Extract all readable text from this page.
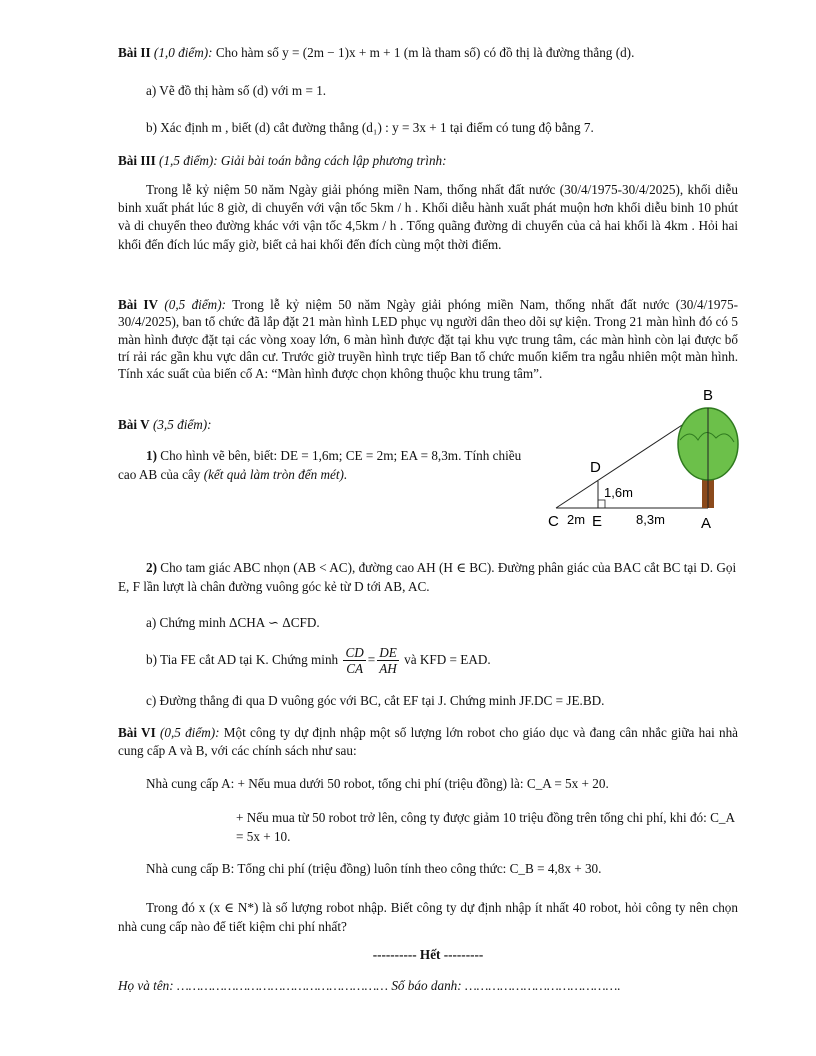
Bài II (1,0 điểm): Cho hàm số y = (2m − 1)x + m + 1 (m là tham số) có đồ thị là đường thẳng (d).
a) Vẽ đồ thị hàm số (d) với m = 1.
b) Xác định m , biết (d) cắt đường thẳng (d₁) : y = 3x + 1 tại điểm có tung độ bằng 7.
Bài III (1,5 điểm): Giải bài toán bằng cách lập phương trình:
Trong lễ kỷ niệm 50 năm Ngày giải phóng miền Nam, thống nhất đất nước (30/4/1975-30/4/2025), khối diễu binh xuất phát lúc 8 giờ, di chuyển với vận tốc 5km / h . Khối diễu hành xuất phát muộn hơn khối diễu binh 10 phút và di chuyển theo đường khác với vận tốc 4,5km / h . Tổng quãng đường di chuyển của cả hai khối là 4km . Hỏi hai khối đến đích lúc mấy giờ, biết cả hai khối đến đích cùng một thời điểm.
Bài IV (0,5 điểm): Trong lễ kỷ niệm 50 năm Ngày giải phóng miền Nam, thống nhất đất nước (30/4/1975-30/4/2025), ban tổ chức đã lắp đặt 21 màn hình LED phục vụ người dân theo dõi sự kiện. Trong 21 màn hình đó có 5 màn hình được đặt tại các vòng xoay lớn, 6 màn hình được đặt tại khu vực trung tâm, các màn hình còn lại được bố trí rải rác gần khu vực dân cư. Trước giờ truyền hình trực tiếp Ban tổ chức muốn kiểm tra ngẫu nhiên một màn hình. Tính xác suất của biến cố A: “Màn hình được chọn không thuộc khu trung tâm”.
Bài V (3,5 điểm):
1) Cho hình vẽ bên, biết: DE = 1,6m; CE = 2m; EA = 8,3m. Tính chiều cao AB của cây (kết quả làm tròn đến mét).
B
D
C E	A
1,6m
2m	8,3m
2) Cho tam giác ABC nhọn (AB < AC), đường cao AH (H ∈ BC). Đường phân giác của BAC cắt BC tại D. Gọi E, F lần lượt là chân đường vuông góc kẻ từ D tới AB, AC.
a) Chứng minh ΔCHA ∽ ΔCFD.
b) Tia FE cắt AD tại K. Chứng minh $\frac{CD}{CA} = \frac{DE}{AH}$ và KFD = EAD.
c) Đường thẳng đi qua D vuông góc với BC, cắt EF tại J. Chứng minh JF.DC = JE.BD.
Bài VI (0,5 điểm): Một công ty dự định nhập một số lượng lớn robot cho giáo dục và đang cân nhắc giữa hai nhà cung cấp A và B, với các chính sách như sau:
Nhà cung cấp A: + Nếu mua dưới 50 robot, tổng chi phí (triệu đồng) là: C_A = 5x + 20.
+ Nếu mua từ 50 robot trở lên, công ty được giảm 10 triệu đồng trên tổng chi phí, khi đó: C_A = 5x + 10.
Nhà cung cấp B: Tổng chi phí (triệu đồng) luôn tính theo công thức: C_B = 4,8x + 30.
Trong đó x (x ∈ N*) là số lượng robot nhập. Biết công ty dự định nhập ít nhất 40 robot, hỏi công ty nên chọn nhà cung cấp nào để tiết kiệm chi phí nhất?
---------- Hết ---------
Họ và tên: ……………………………………………… Số báo danh: ………………………………….
